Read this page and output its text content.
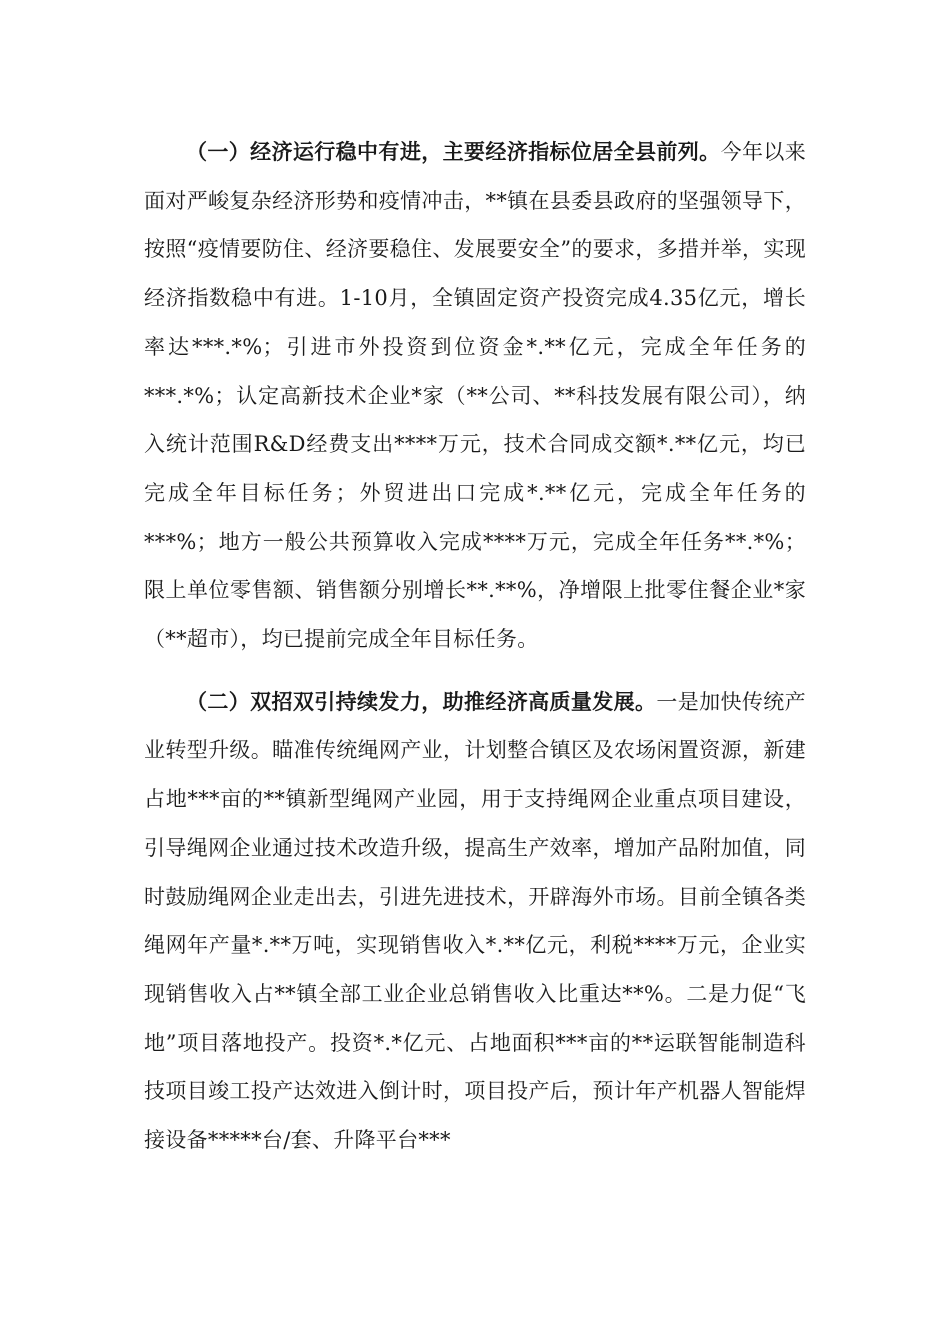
（一）经济运行稳中有进，主要经济指标位居全县前列。今年以来面对严峻复杂经济形势和疫情冲击，**镇在县委县政府的坚强领导下，按照“疫情要防住、经济要稳住、发展要安全”的要求，多措并举，实现经济指数稳中有进。1-10月，全镇固定资产投资完成4.35亿元，增长率达***.*%；引进市外投资到位资金*.**亿元，完成全年任务的***.*%；认定高新技术企业*家（**公司、**科技发展有限公司），纳入统计范围R&D经费支出****万元，技术合同成交额*.**亿元，均已完成全年目标任务；外贸进出口完成*.**亿元，完成全年任务的***%；地方一般公共预算收入完成****万元，完成全年任务**.*%；限上单位零售额、销售额分别增长**.**%，净增限上批零住餐企业*家（**超市），均已提前完成全年目标任务。

（二）双招双引持续发力，助推经济高质量发展。一是加快传统产业转型升级。瞄准传统绳网产业，计划整合镇区及农场闲置资源，新建占地***亩的**镇新型绳网产业园，用于支持绳网企业重点项目建设，引导绳网企业通过技术改造升级，提高生产效率，增加产品附加值，同时鼓励绳网企业走出去，引进先进技术，开辟海外市场。目前全镇各类绳网年产量*.**万吨，实现销售收入*.**亿元，利税****万元，企业实现销售收入占**镇全部工业企业总销售收入比重达**%。二是力促“飞地”项目落地投产。投资*.*亿元、占地面积***亩的**运联智能制造科技项目竣工投产达效进入倒计时，项目投产后，预计年产机器人智能焊接设备*****台/套、升降平台***
